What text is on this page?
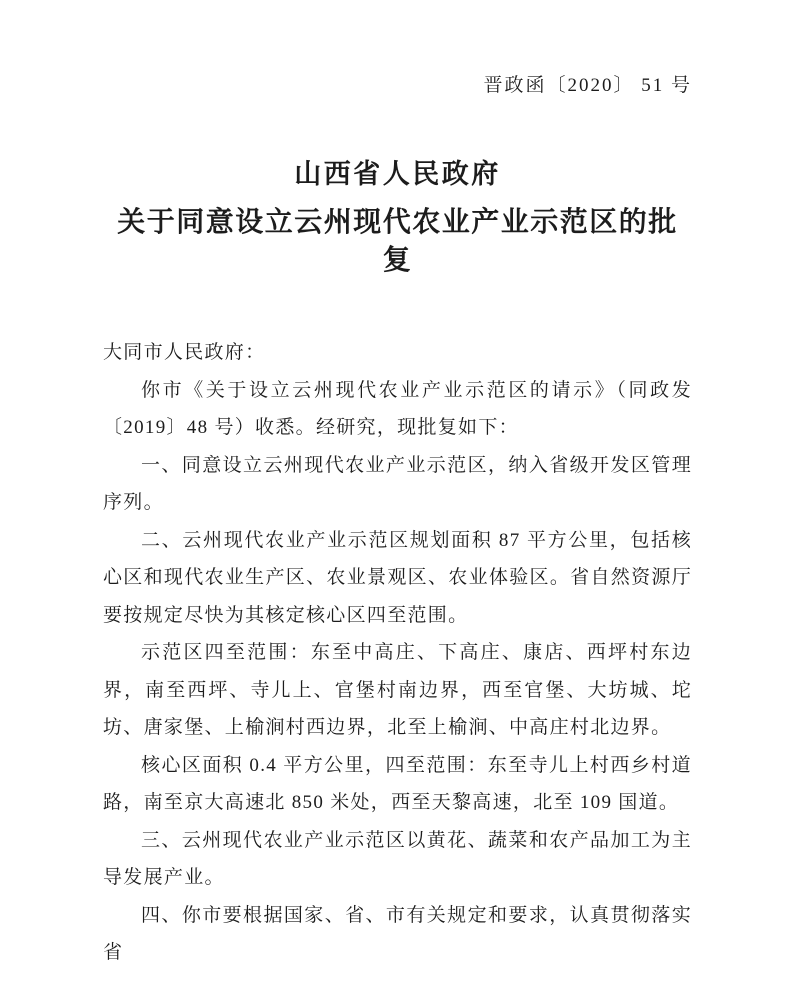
晋政函〔2020〕 51 号
山西省人民政府
关于同意设立云州现代农业产业示范区的批复

大同市人民政府：

你市《关于设立云州现代农业产业示范区的请示》（同政发〔2019〕48 号）收悉。经研究，现批复如下：

一、同意设立云州现代农业产业示范区，纳入省级开发区管理序列。

二、云州现代农业产业示范区规划面积 87 平方公里，包括核心区和现代农业生产区、农业景观区、农业体验区。省自然资源厅要按规定尽快为其核定核心区四至范围。

示范区四至范围：东至中高庄、下高庄、康店、西坪村东边界，南至西坪、寺儿上、官堡村南边界，西至官堡、大坊城、坨坊、唐家堡、上榆涧村西边界，北至上榆涧、中高庄村北边界。

核心区面积 0.4 平方公里，四至范围：东至寺儿上村西乡村道路，南至京大高速北 850 米处，西至天黎高速，北至 109 国道。

三、云州现代农业产业示范区以黄花、蔬菜和农产品加工为主导发展产业。

四、你市要根据国家、省、市有关规定和要求，认真贯彻落实省
